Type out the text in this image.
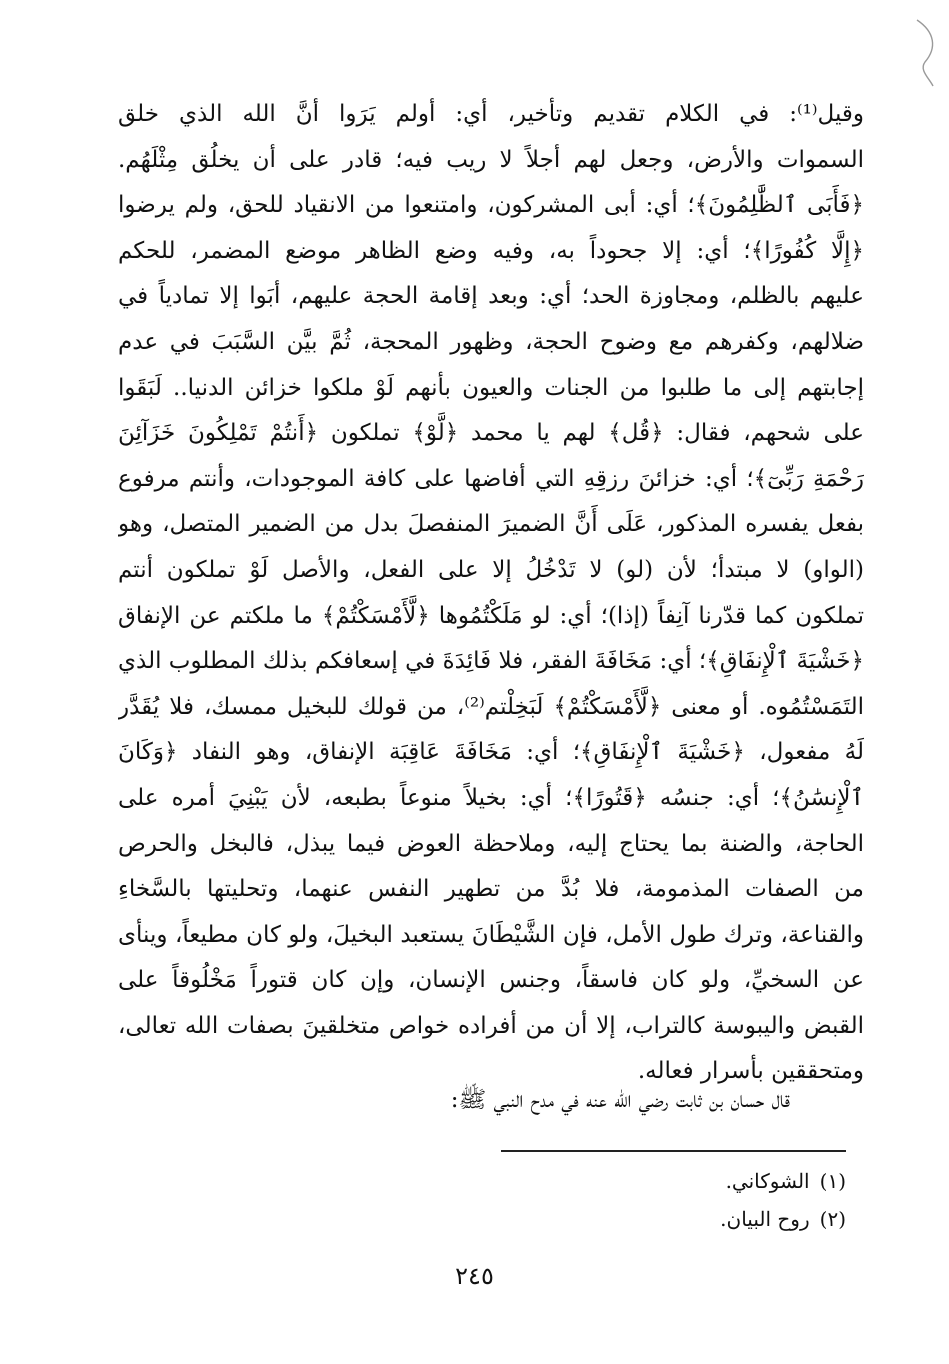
وقيل⁽¹⁾: في الكلام تقديم وتأخير، أي: أولم يَرَوا أنَّ الله الذي خلق
السموات والأرض، وجعل لهم أجلاً لا ريب فيه؛ قادر على أن يخلُق مِثْلَهُم.
﴿فَأَبَى ٱلظَّٰلِمُونَ﴾؛ أي: أبى المشركون، وامتنعوا من الانقياد للحق، ولم يرضوا
﴿إِلَّا كُفُورًا﴾؛ أي: إلا جحوداً به، وفيه وضع الظاهر موضع المضمر، للحكم
عليهم بالظلم، ومجاوزة الحد؛ أي: وبعد إقامة الحجة عليهم، أبَوا إلا تمادياً في
ضلالهم، وكفرهم مع وضوح الحجة، وظهور المحجة، ثُمَّ بيَّن السَّبَبَ في عدم
إجابتهم إلى ما طلبوا من الجنات والعيون بأنهم لَوْ ملكوا خزائن الدنيا.. لَبَقَوا
على شحهم، فقال: ﴿قُل﴾ لهم يا محمد ﴿لَّوْ﴾ تملكون ﴿أَنتُمْ تَمْلِكُونَ خَزَآئِنَ
رَحْمَةِ رَبِّىٓ﴾؛ أي: خزائنَ رزقِهِ التي أفاضها على كافة الموجودات، وأنتم مرفوع
بفعل يفسره المذكور، عَلَى أَنَّ الضميرَ المنفصلَ بدل من الضمير المتصل، وهو
(الواو) لا مبتدأ؛ لأن (لو) لا تَدْخُلُ إلا على الفعل، والأصل لَوْ تملكون أنتم
تملكون كما قدّرنا آنِفاً (إذا)؛ أي: لو مَلَكْتُمُوها ﴿لَّأَمْسَكْتُمْ﴾ ما ملكتم عن الإنفاق
﴿خَشْيَةَ ٱلْإِنفَاقِ﴾؛ أي: مَخَافَةَ الفقر، فلا فَائِدَةَ في إسعافكم بذلك المطلوب الذي
التَمَسْتُمُوه. أو معنى ﴿لَّأَمْسَكْتُمْ﴾ لَبَخِلْتم⁽²⁾، من قولك للبخيل ممسك، فلا يُقَدَّر
لَهُ مفعول، ﴿خَشْيَةَ ٱلْإِنفَاقِ﴾؛ أي: مَخَافَةَ عَاقِبَة الإنفاق، وهو النفاد ﴿وَكَانَ
ٱلْإِنسَٰنُ﴾؛ أي: جنسُه ﴿قَتُورًا﴾؛ أي: بخيلاً منوعاً بطبعه، لأن يَبْنِيَ أمره على
الحاجة، والضنة بما يحتاج إليه، وملاحظة العوض فيما يبذل، فالبخل والحرص
من الصفات المذمومة، فلا بُدَّ من تطهير النفس عنهما، وتحليتها بالسَّخاءِ
والقناعة، وترك طول الأمل، فإن الشَّيْطَانَ يستعبد البخيلَ، ولو كان مطيعاً، وينأى
عن السخيِّ، ولو كان فاسقاً، وجنس الإنسان، وإن كان قتوراً مَخْلُوقاً على
القبض واليبوسة كالتراب، إلا أن من أفراده خواص متخلقينَ بصفات الله تعالى،
ومتحققين بأسرار فعاله.
قال حسان بن ثابت رضي الله عنه في مدح النبي ﷺ:
(١)الشوكاني.
(٢)روح البيان.
٢٤٥
